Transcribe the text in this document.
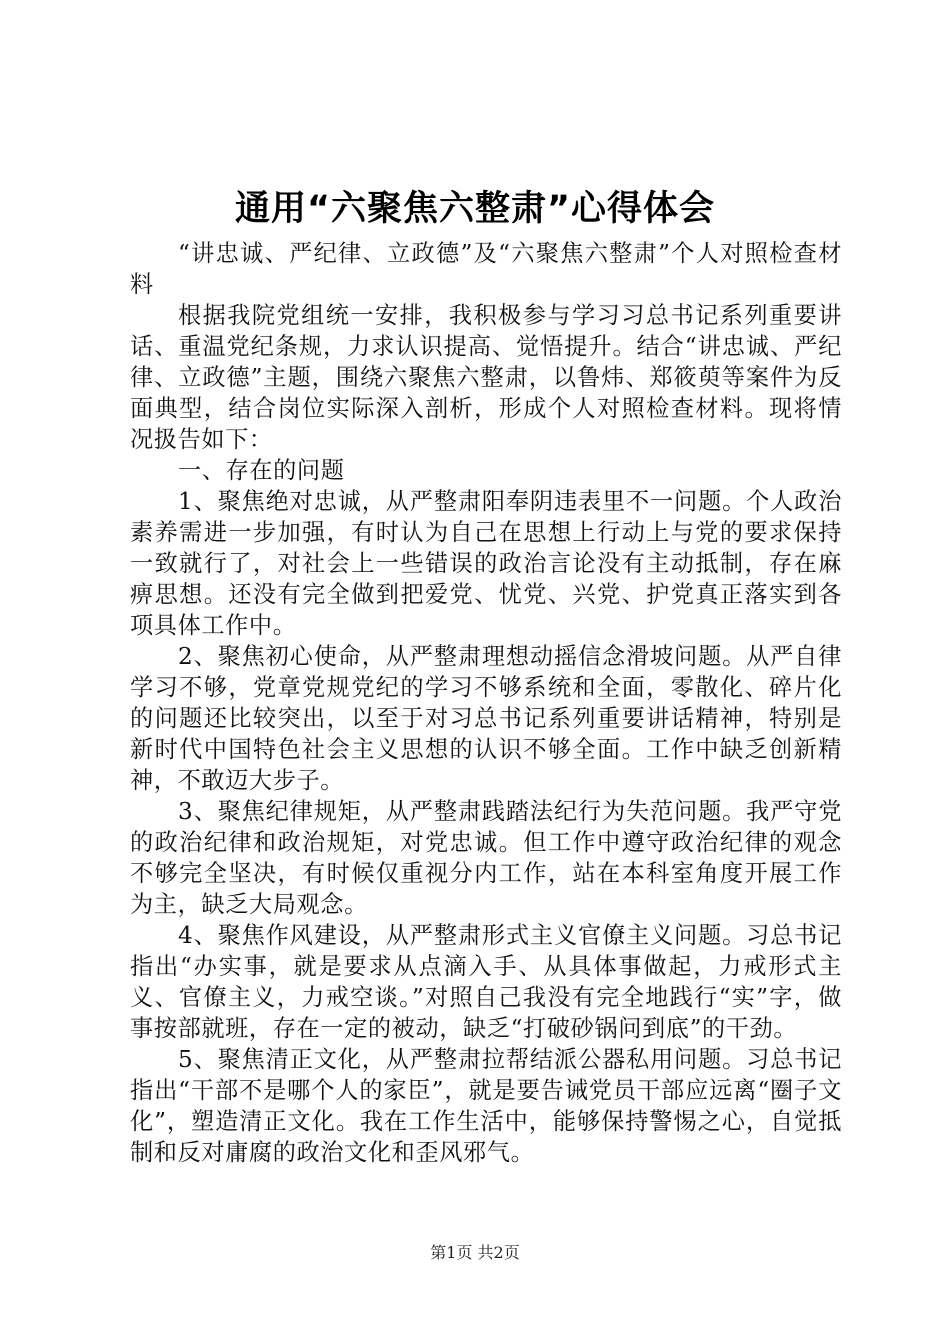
通用“六聚焦六整肃”心得体会

“讲忠诚、严纪律、立政德”及“六聚焦六整肃”个人对照检查材料

根据我院党组统一安排，我积极参与学习习总书记系列重要讲话、重温党纪条规，力求认识提高、觉悟提升。结合“讲忠诚、严纪律、立政德”主题，围绕六聚焦六整肃，以鲁炜、郑筱萸等案件为反面典型，结合岗位实际深入剖析，形成个人对照检查材料。现将情况扱告如下：

一、存在的问题

1、聚焦绝对忠诚，从严整肃阳奉阴违表里不一问题。个人政治素养需进一步加强，有时认为自己在思想上行动上与党的要求保持一致就行了，对社会上一些错误的政治言论没有主动抵制，存在麻痹思想。还没有完全做到把爱党、忧党、兴党、护党真正落实到各项具体工作中。

2、聚焦初心使命，从严整肃理想动摇信念滑坡问题。从严自律学习不够，党章党规党纪的学习不够系统和全面，零散化、碎片化的问题还比较突出，以至于对习总书记系列重要讲话精神，特别是新时代中国特色社会主义思想的认识不够全面。工作中缺乏创新精神，不敢迈大步子。

3、聚焦纪律规矩，从严整肃践踏法纪行为失范问题。我严守党的政治纪律和政治规矩，对党忠诚。但工作中遵守政治纪律的观念不够完全坚决，有时候仅重视分内工作，站在本科室角度开展工作为主，缺乏大局观念。

4、聚焦作风建设，从严整肃形式主义官僚主义问题。习总书记指出“办实事，就是要求从点滴入手、从具体事做起，力戒形式主义、官僚主义，力戒空谈。”对照自己我没有完全地践行“实”字，做事按部就班，存在一定的被动，缺乏“打破砂锅问到底”的干劲。

5、聚焦清正文化，从严整肃拉帮结派公器私用问题。习总书记指出“干部不是哪个人的家臣”，就是要告诫党员干部应远离“圈子文化”，塑造清正文化。我在工作生活中，能够保持警惕之心，自觉抵制和反对庸腐的政治文化和歪风邪气。

第1页 共2页
